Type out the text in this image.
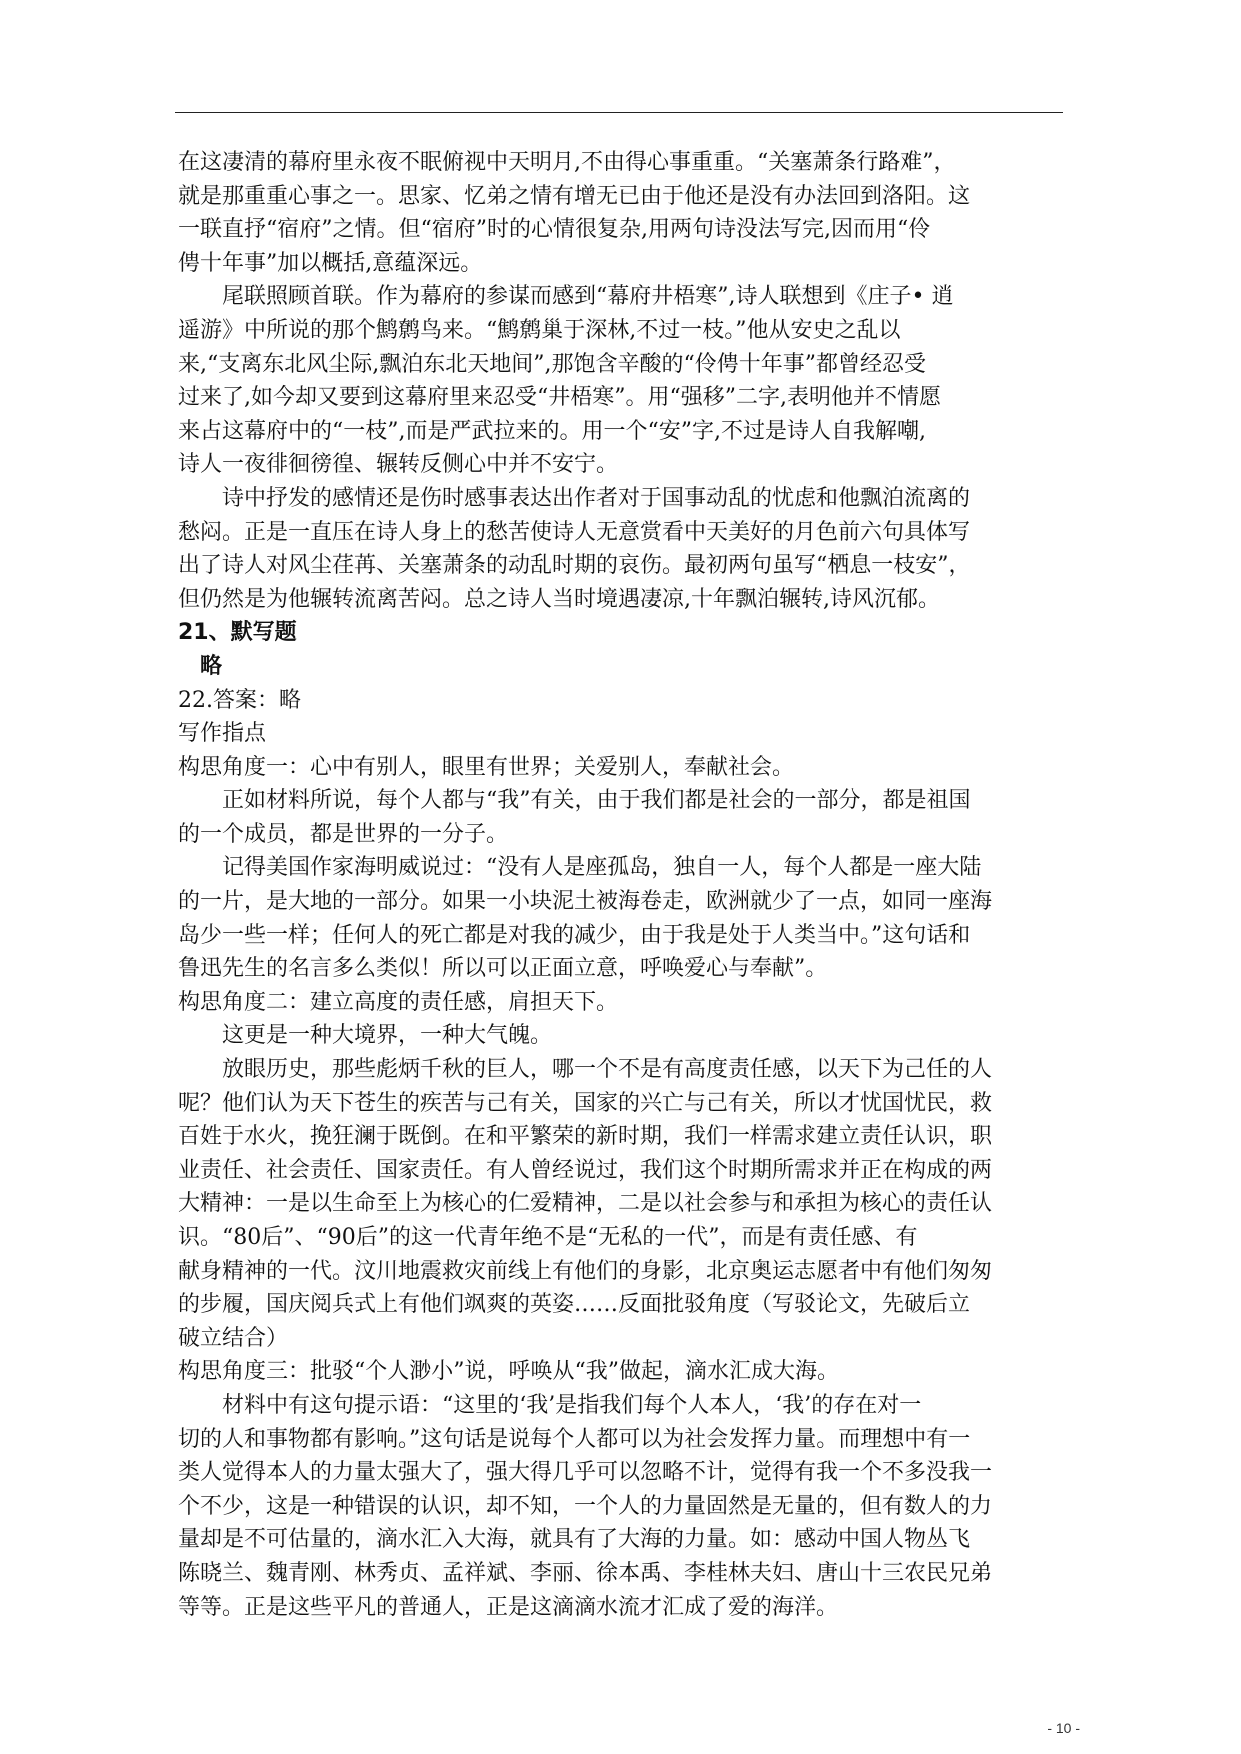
在这凄清的幕府里永夜不眠俯视中天明月,不由得心事重重。“关塞萧条行路难”，

就是那重重心事之一。思家、忆弟之情有增无已由于他还是没有办法回到洛阳。这

一联直抒“宿府”之情。但“宿府”时的心情很复杂,用两句诗没法写完,因而用“伶

俜十年事”加以概括,意蕴深远。

尾联照顾首联。作为幕府的参谋而感到“幕府井梧寒”,诗人联想到《庄子• 逍

遥游》中所说的那个鹪鹩鸟来。“鹪鹩巢于深林,不过一枝。”他从安史之乱以

来,“支离东北风尘际,飘泊东北天地间”,那饱含辛酸的“伶俜十年事”都曾经忍受

过来了,如今却又要到这幕府里来忍受“井梧寒”。用“强移”二字,表明他并不情愿

来占这幕府中的“一枝”,而是严武拉来的。用一个“安”字,不过是诗人自我解嘲,

诗人一夜徘徊徬徨、辗转反侧心中并不安宁。

诗中抒发的感情还是伤时感事表达出作者对于国事动乱的忧虑和他飘泊流离的

愁闷。正是一直压在诗人身上的愁苦使诗人无意赏看中天美好的月色前六句具体写

出了诗人对风尘荏苒、关塞萧条的动乱时期的哀伤。最初两句虽写“栖息一枝安”，

但仍然是为他辗转流离苦闷。总之诗人当时境遇凄凉,十年飘泊辗转,诗风沉郁。

21、默写题

略

22.答案：略

写作指点

构思角度一：心中有别人，眼里有世界；关爱别人，奉献社会。

正如材料所说，每个人都与“我”有关，由于我们都是社会的一部分，都是祖国

的一个成员，都是世界的一分子。

记得美国作家海明威说过：“没有人是座孤岛，独自一人，每个人都是一座大陆

的一片，是大地的一部分。如果一小块泥土被海卷走，欧洲就少了一点，如同一座海

岛少一些一样；任何人的死亡都是对我的减少，由于我是处于人类当中。”这句话和

鲁迅先生的名言多么类似！所以可以正面立意，呼唤爱心与奉献”。

构思角度二：建立高度的责任感，肩担天下。

这更是一种大境界，一种大气魄。

放眼历史，那些彪炳千秋的巨人，哪一个不是有高度责任感，以天下为己任的人

呢？他们认为天下苍生的疾苦与己有关，国家的兴亡与己有关，所以才忧国忧民，救

百姓于水火，挽狂澜于既倒。在和平繁荣的新时期，我们一样需求建立责任认识，职

业责任、社会责任、国家责任。有人曾经说过，我们这个时期所需求并正在构成的两

大精神：一是以生命至上为核心的仁爱精神，二是以社会参与和承担为核心的责任认

识。“80后”、“90后”的这一代青年绝不是“无私的一代”，而是有责任感、有

献身精神的一代。汶川地震救灾前线上有他们的身影，北京奥运志愿者中有他们匆匆

的步履，国庆阅兵式上有他们飒爽的英姿……反面批驳角度（写驳论文，先破后立

破立结合）

构思角度三：批驳“个人渺小”说，呼唤从“我”做起，滴水汇成大海。

材料中有这句提示语：“这里的‘我’是指我们每个人本人，‘我’的存在对一

切的人和事物都有影响。”这句话是说每个人都可以为社会发挥力量。而理想中有一

类人觉得本人的力量太强大了，强大得几乎可以忽略不计，觉得有我一个不多没我一

个不少，这是一种错误的认识，却不知，一个人的力量固然是无量的，但有数人的力

量却是不可估量的，滴水汇入大海，就具有了大海的力量。如：感动中国人物丛飞

陈晓兰、魏青刚、林秀贞、孟祥斌、李丽、徐本禹、李桂林夫妇、唐山十三农民兄弟

等等。正是这些平凡的普通人，正是这滴滴水流才汇成了爱的海洋。

- 10 -
